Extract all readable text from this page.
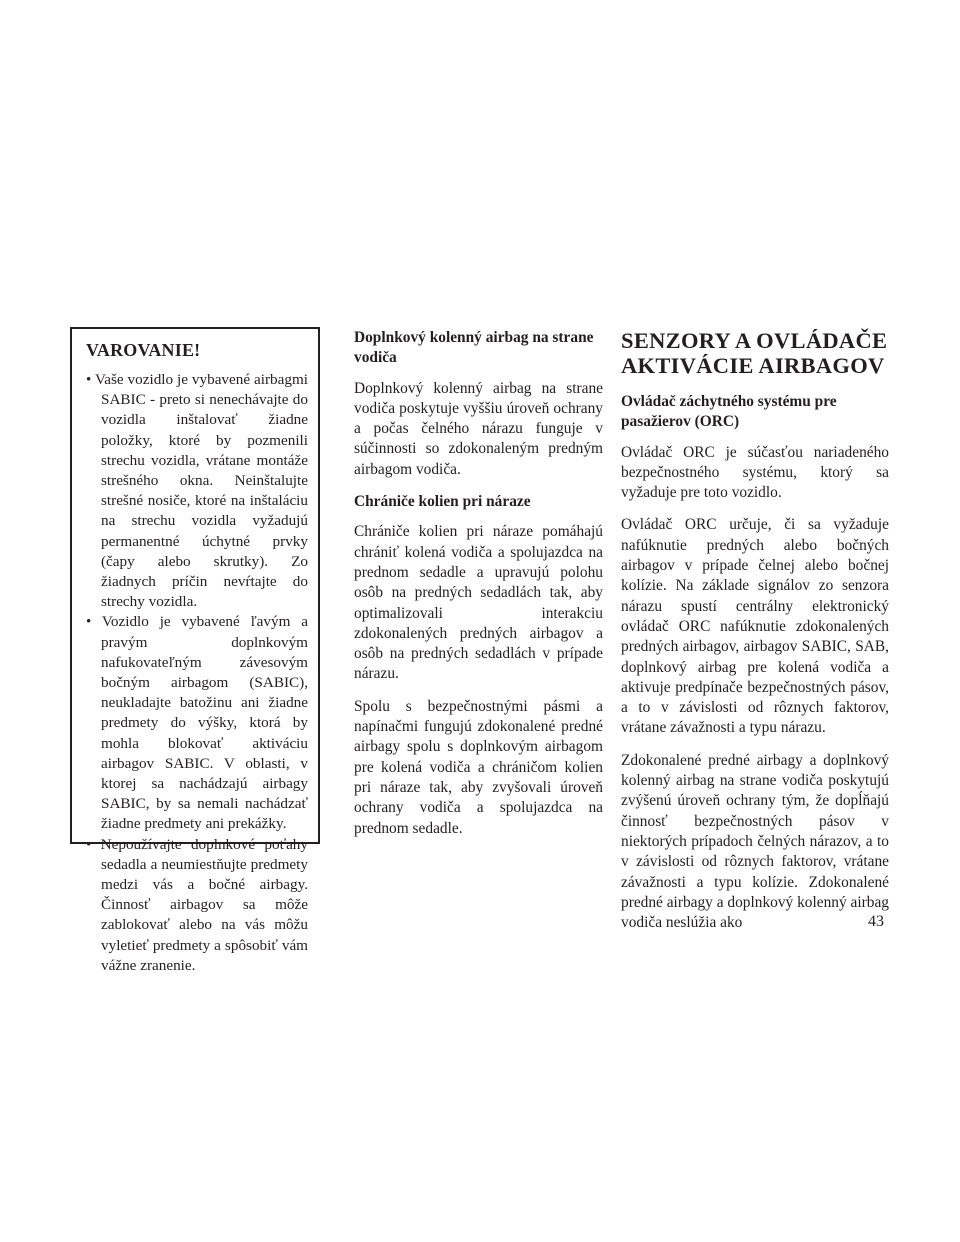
VAROVANIE!
• Vaše vozidlo je vybavené airbagmi SABIC - preto si nenechávajte do vozidla inštalovať žiadne položky, ktoré by pozmenili strechu vozidla, vrátane montáže strešného okna. Neinštalujte strešné nosiče, ktoré na inštaláciu na strechu vozidla vyžadujú permanentné úchytné prvky (čapy alebo skrutky). Zo žiadnych príčin nevŕtajte do strechy vozidla.
• Vozidlo je vybavené ľavým a pravým doplnkovým nafukovateľným závesovým bočným airbagom (SABIC), neukladajte batožinu ani žiadne predmety do výšky, ktorá by mohla blokovať aktiváciu airbagov SABIC. V oblasti, v ktorej sa nachádzajú airbagy SABIC, by sa nemali nachádzať žiadne predmety ani prekážky.
• Nepoužívajte doplnkové poťahy sedadla a neumiestňujte predmety medzi vás a bočné airbagy. Činnosť airbagov sa môže zablokovať alebo na vás môžu vyletieť predmety a spôsobiť vám vážne zranenie.
Doplnkový kolenný airbag na strane vodiča
Doplnkový kolenný airbag na strane vodiča poskytuje vyššiu úroveň ochrany a počas čelného nárazu funguje v súčinnosti so zdokonaleným predným airbagom vodiča.
Chrániče kolien pri náraze
Chrániče kolien pri náraze pomáhajú chrániť kolená vodiča a spolujazdca na prednom sedadle a upravujú polohu osôb na predných sedadlách tak, aby optimalizovali interakciu zdokonalených predných airbagov a osôb na predných sedadlách v prípade nárazu.
Spolu s bezpečnostnými pásmi a napínačmi fungujú zdokonalené predné airbagy spolu s doplnkovým airbagom pre kolená vodiča a chráničom kolien pri náraze tak, aby zvyšovali úroveň ochrany vodiča a spolujazdca na prednom sedadle.
SENZORY A OVLÁDAČE AKTIVÁCIE AIRBAGOV
Ovládač záchytného systému pre pasažierov (ORC)
Ovládač ORC je súčasťou nariadeného bezpečnostného systému, ktorý sa vyžaduje pre toto vozidlo.
Ovládač ORC určuje, či sa vyžaduje nafúknutie predných alebo bočných airbagov v prípade čelnej alebo bočnej kolízie. Na základe signálov zo senzora nárazu spustí centrálny elektronický ovládač ORC nafúknutie zdokonalených predných airbagov, airbagov SABIC, SAB, doplnkový airbag pre kolená vodiča a aktivuje predpínače bezpečnostných pásov, a to v závislosti od rôznych faktorov, vrátane závažnosti a typu nárazu.
Zdokonalené predné airbagy a doplnkový kolenný airbag na strane vodiča poskytujú zvýšenú úroveň ochrany tým, že dopĺňajú činnosť bezpečnostných pásov v niektorých prípadoch čelných nárazov, a to v závislosti od rôznych faktorov, vrátane závažnosti a typu kolízie. Zdokonalené predné airbagy a doplnkový kolenný airbag vodiča neslúžia ako	43
